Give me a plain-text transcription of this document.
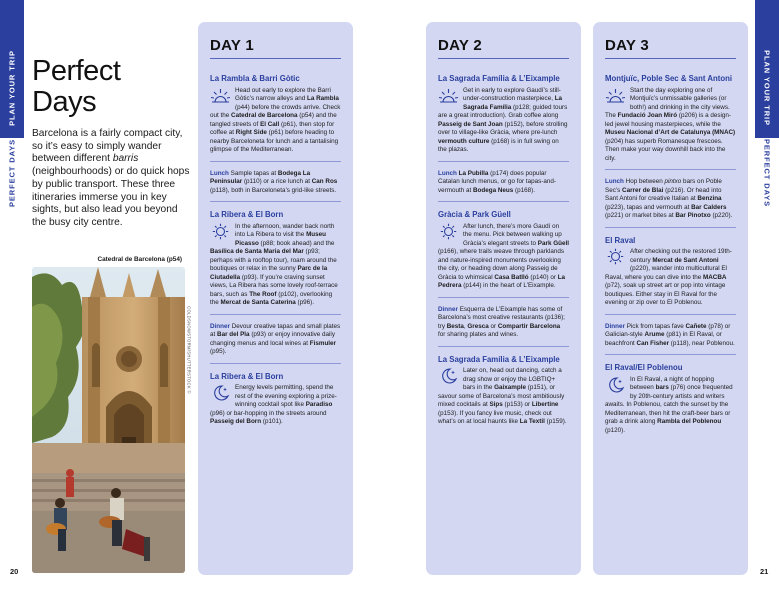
PLAN YOUR TRIP
PERFECT DAYS
PLAN YOUR TRIP
PERFECT DAYS
Perfect
Days

Barcelona is a fairly compact city, so it’s easy to simply wander between different barris (neighbourhoods) or do quick hops by public transport. These three itineraries immerse you in key sights, but also lead you beyond the busy city centre.

Catedral de Barcelona (p54)
COLDSNOWSTORM/SHUTTERSTOCK ©
20	21
DAY 1
La Rambla & Barri Gòtic

Head out early to explore the Barri Gòtic’s narrow alleys and La Rambla (p44) before the crowds arrive. Check out the Catedral de Barcelona (p54) and the tangled streets of El Call (p61), then stop for coffee at Right Side (p61) before heading to nearby Barceloneta for lunch and a tantalising glimpse of the Mediterranean.

Lunch Sample tapas at Bodega La Peninsular (p110) or a rice lunch at Can Ros (p118), both in Barceloneta’s grid-like streets.

La Ribera & El Born

In the afternoon, wander back north into La Ribera to visit the Museu Picasso (p88; book ahead) and the Basílica de Santa Maria del Mar (p93; perhaps with a rooftop tour), roam around the boutiques or relax in the sunny Parc de la Ciutadella (p93). If you’re craving sunset views, La Ribera has some lovely roof-terrace bars, such as The Roof (p102), overlooking the Mercat de Santa Caterina (p96).

Dinner Devour creative tapas and small plates at Bar del Pla (p93) or enjoy innovative daily changing menus and local wines at Fismuler (p95).

La Ribera & El Born

Energy levels permitting, spend the rest of the evening exploring a prize-winning cocktail spot like Paradiso (p96) or bar-hopping in the streets around Passeig del Born (p101).

DAY 2
La Sagrada Família & L’Eixample

Get in early to explore Gaudí’s still-under-construction masterpiece, La Sagrada Família (p128; guided tours are a great introduction). Grab coffee along Passeig de Sant Joan (p152), before strolling over to village-like Gràcia, where pre-lunch vermouth culture (p168) is in full swing on the plazas.

Lunch La Pubilla (p174) does popular Catalan lunch menus, or go for tapas-and-vermouth at Bodega Neus (p168).

Gràcia & Park Güell

After lunch, there’s more Gaudí on the menu. Pick between walking up Gràcia’s elegant streets to Park Güell (p166), where trails weave through parklands and nature-inspired monuments overlooking the city, or heading down along Passeig de Gràcia to whimsical Casa Batlló (p140) or La Pedrera (p144) in the heart of L’Eixample.

Dinner Esquerra de L’Eixample has some of Barcelona’s most creative restaurants (p136); try Besta, Gresca or Compartir Barcelona for sharing plates and wines.

La Sagrada Família & L’Eixample

Later on, head out dancing, catch a drag show or enjoy the LGBTIQ+ bars in the Gaixample (p151), or savour some of Barcelona’s most ambitiously mixed cocktails at Sips (p153) or Libertine (p153). If you fancy live music, check out what’s on at local haunts like La Textil (p159).

DAY 3
Montjuïc, Poble Sec & Sant Antoni

Start the day exploring one of Montjuïc’s unmissable galleries (or both!) and drinking in the city views. The Fundació Joan Miró (p206) is a design-led jewel housing masterpieces, while the Museu Nacional d’Art de Catalunya (MNAC) (p204) has superb Romanesque frescoes. Then make your way downhill back into the city.

Lunch Hop between pintxo bars on Poble Sec’s Carrer de Blai (p216). Or head into Sant Antoni for creative Italian at Benzina (p223), tapas and vermouth at Bar Calders (p221) or market bites at Bar Pinotxo (p220).

El Raval

After checking out the restored 19th-century Mercat de Sant Antoni (p220), wander into multicultural El Raval, where you can dive into the MACBA (p72), soak up street art or pop into vintage boutiques. Either stay in El Raval for the evening or zip over to El Poblenou.

Dinner Pick from tapas fave Cañete (p78) or Galician-style Arume (p81) in El Raval, or beachfront Can Fisher (p118), near Poblenou.

El Raval/El Poblenou

In El Raval, a night of hopping between bars (p76) once frequented by 20th-century artists and writers awaits. In Poblenou, catch the sunset by the Mediterranean, then hit the craft-beer bars or grab a drink along Rambla del Poblenou (p120).
